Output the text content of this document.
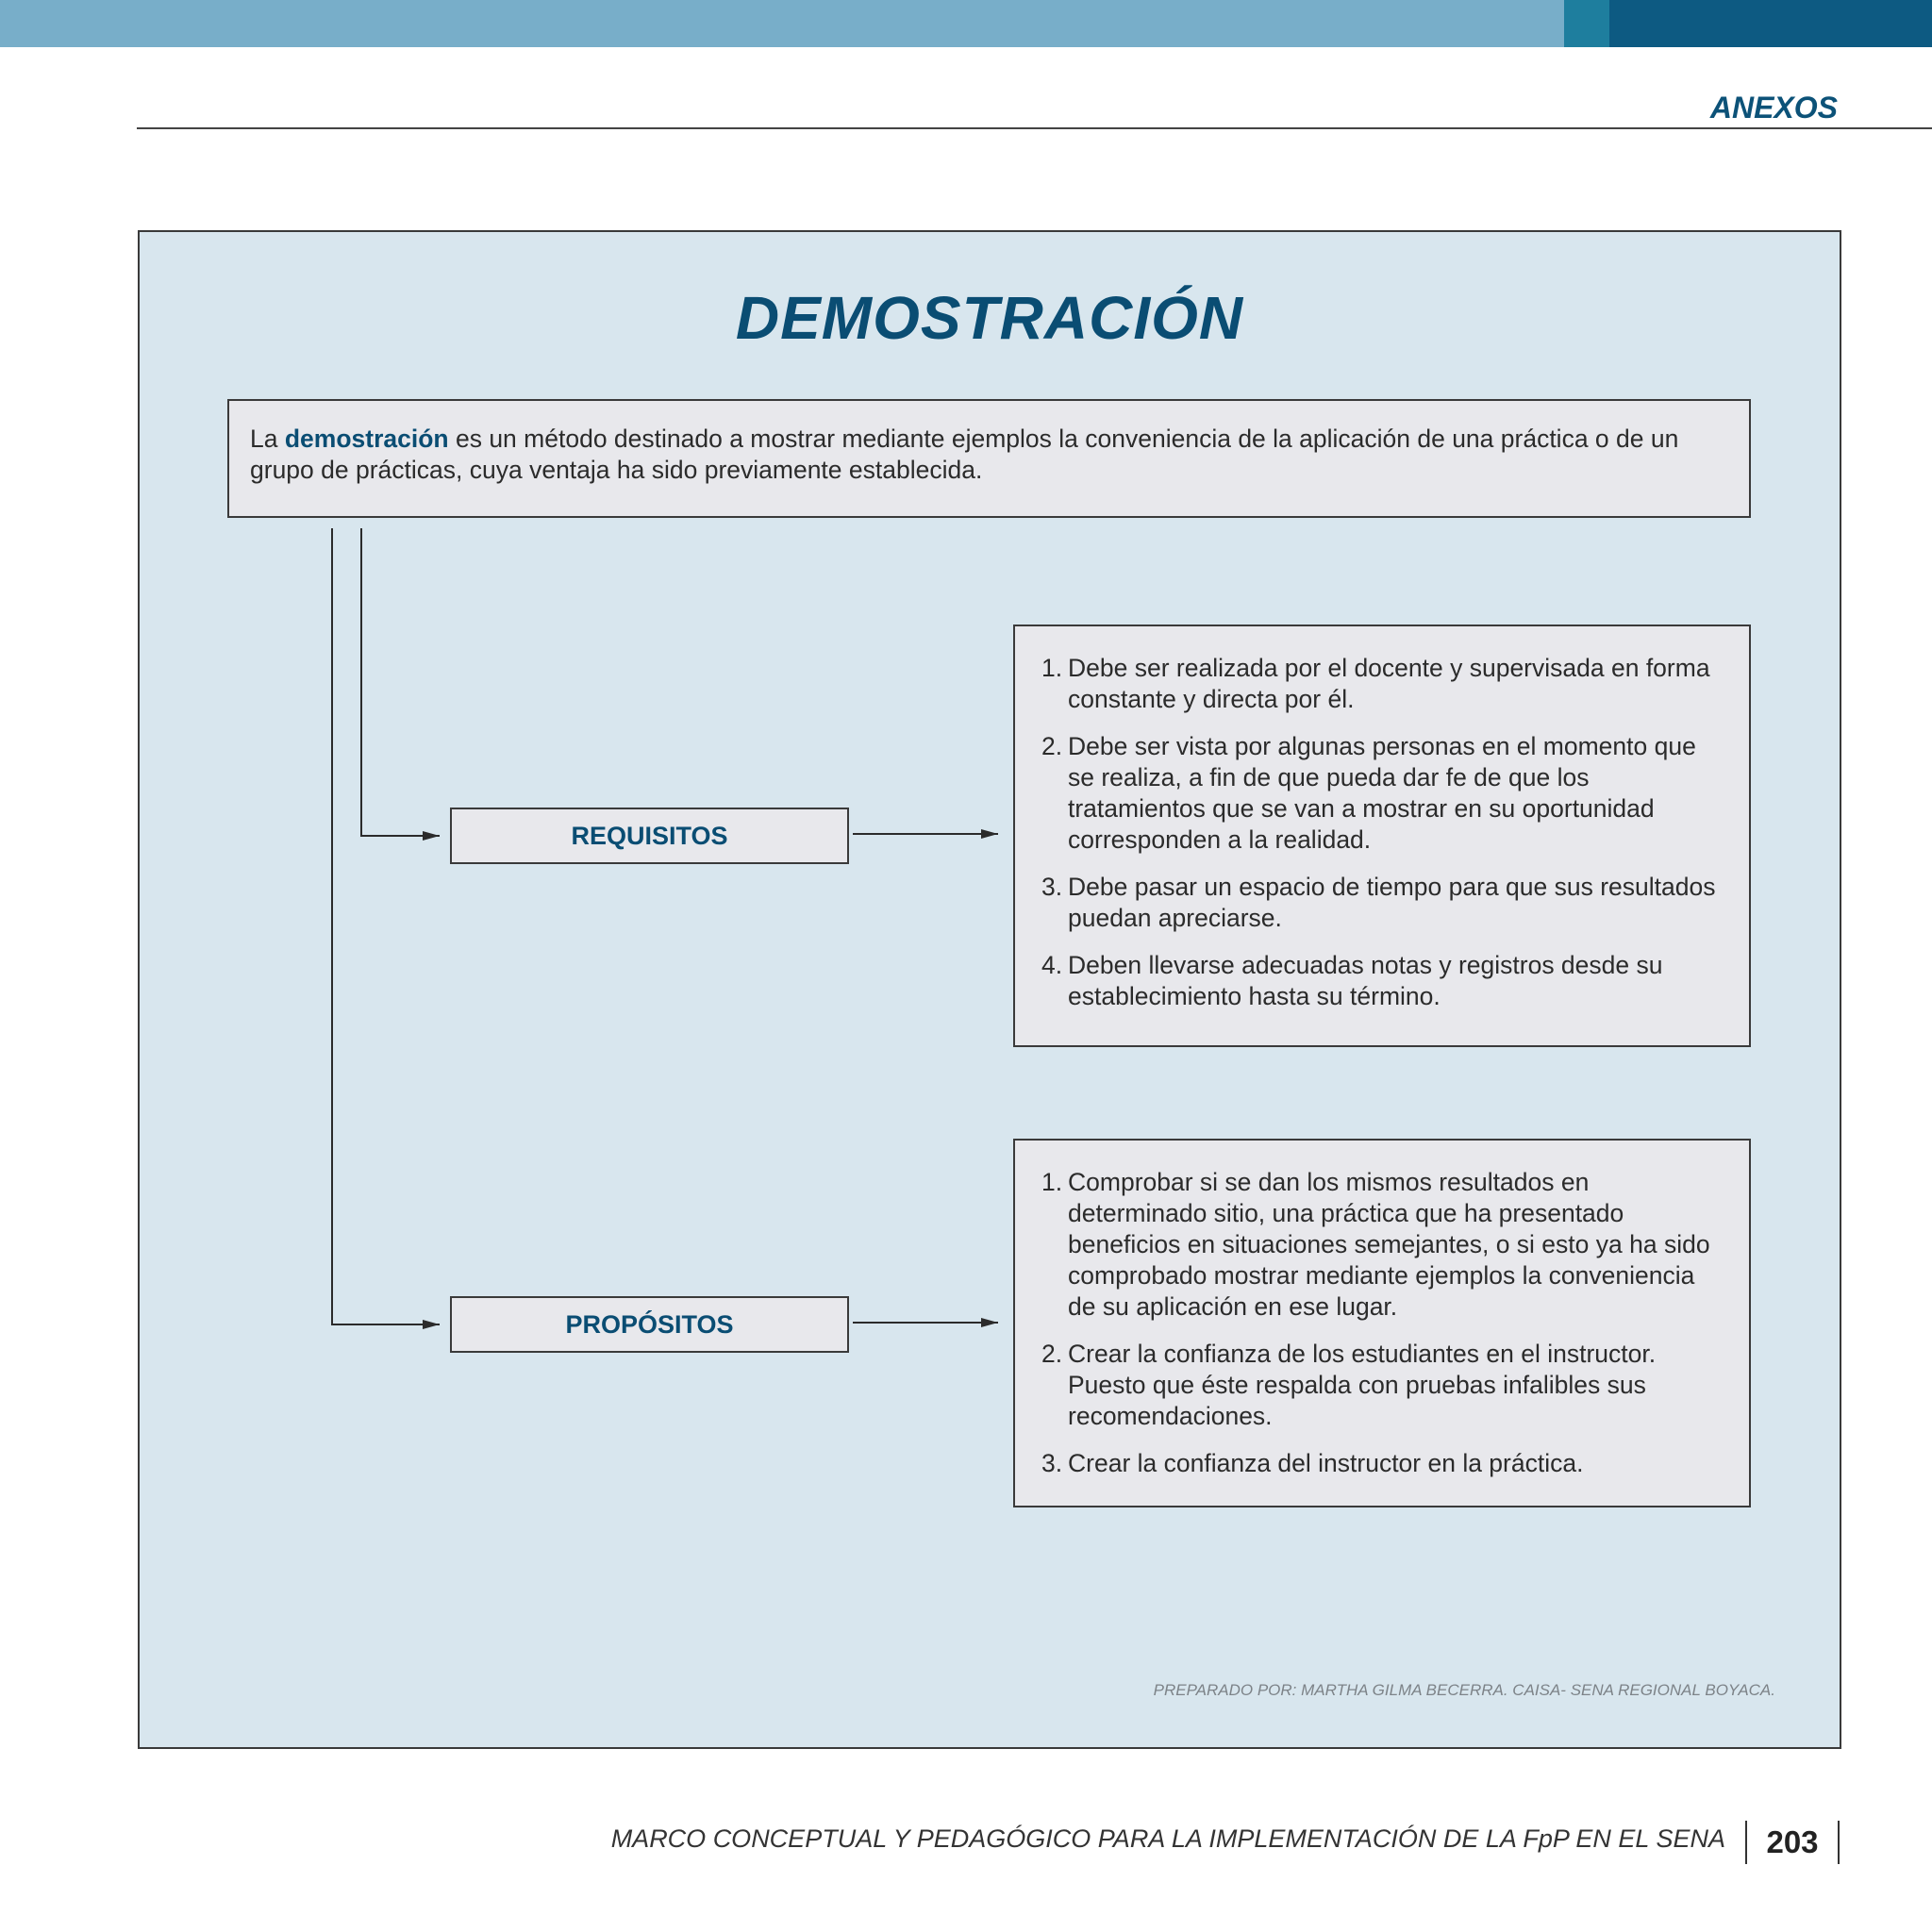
ANEXOS
DEMOSTRACIÓN
La demostración es un método destinado a mostrar mediante ejemplos la conveniencia de la aplicación de una práctica o de un grupo de prácticas, cuya ventaja ha sido previamente establecida.
REQUISITOS
PROPÓSITOS
1. Debe ser realizada por el docente y supervisada en forma constante y directa por él.
2. Debe ser vista por algunas personas en el momento que se realiza, a fin de que pueda dar fe de que los tratamientos que se van a mostrar en su oportunidad corresponden a la realidad.
3. Debe pasar un espacio de tiempo para que sus resultados puedan apreciarse.
4. Deben llevarse adecuadas notas y registros desde su establecimiento hasta su término.
1. Comprobar si se dan los mismos resultados en determinado sitio, una práctica que ha presentado beneficios en situaciones semejantes, o si esto ya ha sido comprobado mostrar mediante ejemplos la conveniencia de su aplicación en ese lugar.
2. Crear la confianza de los estudiantes en el instructor. Puesto que éste respalda con pruebas infalibles sus recomendaciones.
3. Crear la confianza del instructor en la práctica.
PREPARADO POR: MARTHA GILMA BECERRA. CAISA- SENA REGIONAL BOYACA.
MARCO CONCEPTUAL Y PEDAGÓGICO PARA LA IMPLEMENTACIÓN DE LA FpP EN EL SENA	203
